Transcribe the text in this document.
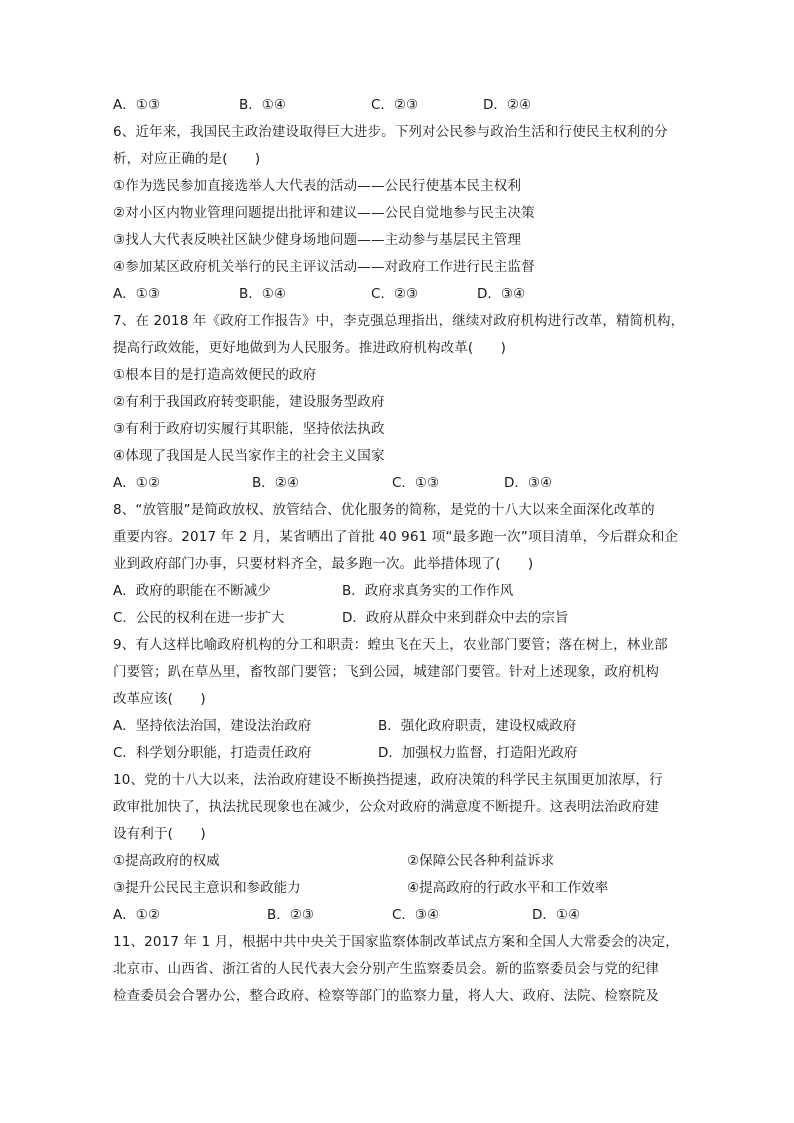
A．①③	B．①④	C．②③	D．②④
6、近年来，我国民主政治建设取得巨大进步。下列对公民参与政治生活和行使民主权利的分
析，对应正确的是(　　)
①作为选民参加直接选举人大代表的活动——公民行使基本民主权利
②对小区内物业管理问题提出批评和建议——公民自觉地参与民主决策
③找人大代表反映社区缺少健身场地问题——主动参与基层民主管理
④参加某区政府机关举行的民主评议活动——对政府工作进行民主监督
A．①③	B．①④	C．②③	D．③④
7、在 2018 年《政府工作报告》中，李克强总理指出，继续对政府机构进行改革，精简机构，
提高行政效能，更好地做到为人民服务。推进政府机构改革(　　)
①根本目的是打造高效便民的政府
②有利于我国政府转变职能，建设服务型政府
③有利于政府切实履行其职能，坚持依法执政
④体现了我国是人民当家作主的社会主义国家
A．①②	B．②④	C．①③	D．③④
8、“放管服”是简政放权、放管结合、优化服务的简称，是党的十八大以来全面深化改革的
重要内容。2017 年 2 月，某省晒出了首批 40 961 项“最多跑一次”项目清单，今后群众和企
业到政府部门办事，只要材料齐全，最多跑一次。此举措体现了(　　)
A．政府的职能在不断减少	B．政府求真务实的工作作风
C．公民的权利在进一步扩大	D．政府从群众中来到群众中去的宗旨
9、有人这样比喻政府机构的分工和职责：蝗虫飞在天上，农业部门要管；落在树上，林业部
门要管；趴在草丛里，畜牧部门要管；飞到公园，城建部门要管。针对上述现象，政府机构
改革应该(　　)
A．坚持依法治国，建设法治政府	B．强化政府职责，建设权威政府
C．科学划分职能，打造责任政府	D．加强权力监督，打造阳光政府
10、党的十八大以来，法治政府建设不断换挡提速，政府决策的科学民主氛围更加浓厚，行
政审批加快了，执法扰民现象也在减少，公众对政府的满意度不断提升。这表明法治政府建
设有利于(　　)
①提高政府的权威	②保障公民各种利益诉求
③提升公民民主意识和参政能力	④提高政府的行政水平和工作效率
A．①②	B．②③	C．③④	D．①④
11、2017 年 1 月，根据中共中央关于国家监察体制改革试点方案和全国人大常委会的决定，
北京市、山西省、浙江省的人民代表大会分别产生监察委员会。新的监察委员会与党的纪律
检查委员会合署办公，整合政府、检察等部门的监察力量，将人大、政府、法院、检察院及
